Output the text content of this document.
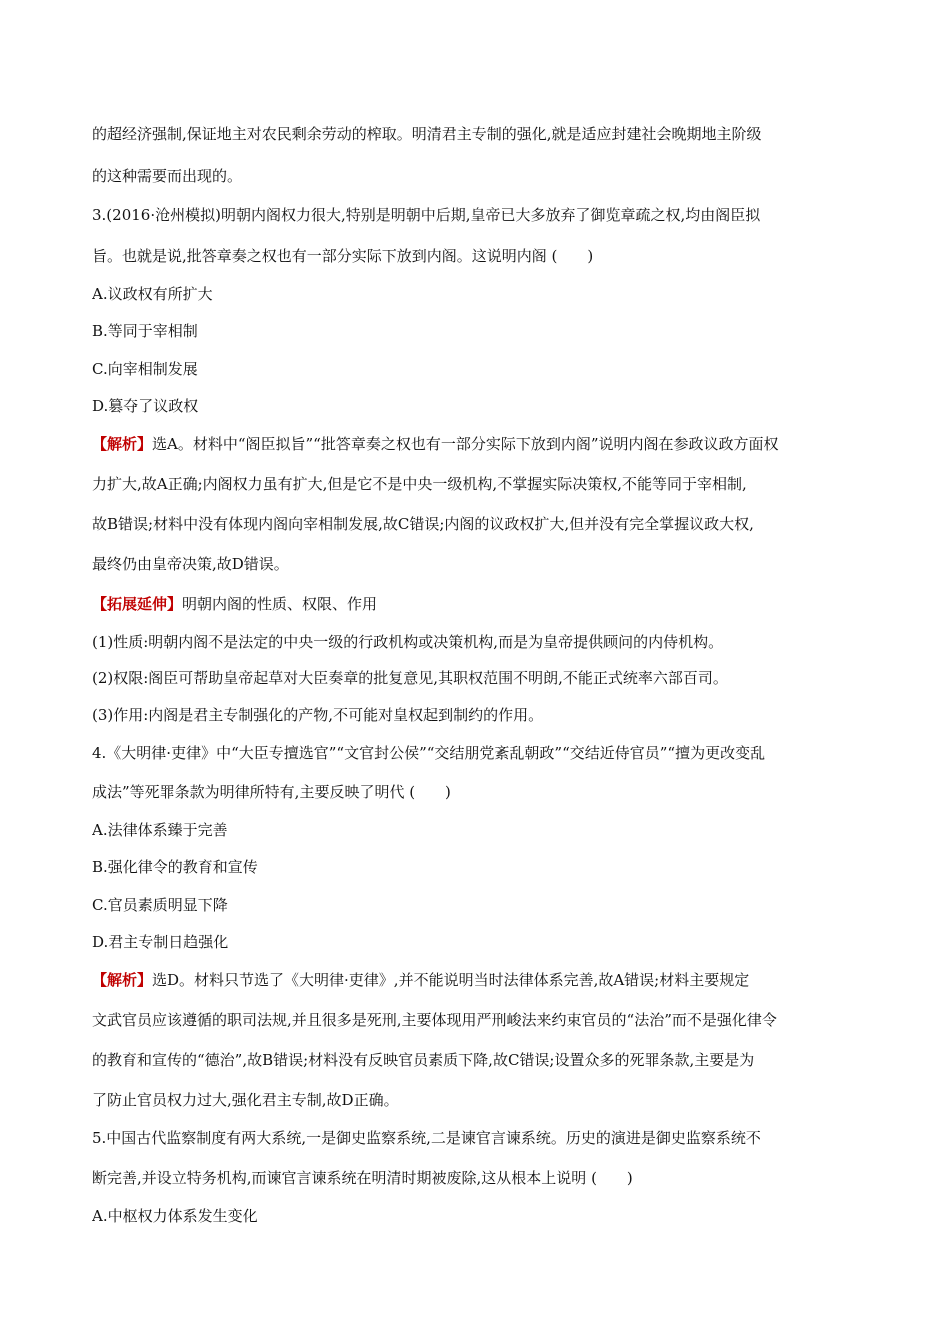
的超经济强制,保证地主对农民剩余劳动的榨取。明清君主专制的强化,就是适应封建社会晚期地主阶级
的这种需要而出现的。
3.(2016·沧州模拟)明朝内阁权力很大,特别是明朝中后期,皇帝已大多放弃了御览章疏之权,均由阁臣拟
旨。也就是说,批答章奏之权也有一部分实际下放到内阁。这说明内阁 (　　)
A.议政权有所扩大
B.等同于宰相制
C.向宰相制发展
D.篡夺了议政权
【解析】选A。材料中“阁臣拟旨”“批答章奏之权也有一部分实际下放到内阁”说明内阁在参政议政方面权
力扩大,故A正确;内阁权力虽有扩大,但是它不是中央一级机构,不掌握实际决策权,不能等同于宰相制,
故B错误;材料中没有体现内阁向宰相制发展,故C错误;内阁的议政权扩大,但并没有完全掌握议政大权,
最终仍由皇帝决策,故D错误。
【拓展延伸】明朝内阁的性质、权限、作用
(1)性质:明朝内阁不是法定的中央一级的行政机构或决策机构,而是为皇帝提供顾问的内侍机构。
(2)权限:阁臣可帮助皇帝起草对大臣奏章的批复意见,其职权范围不明朗,不能正式统率六部百司。
(3)作用:内阁是君主专制强化的产物,不可能对皇权起到制约的作用。
4.《大明律·吏律》中“大臣专擅选官”“文官封公侯”“交结朋党紊乱朝政”“交结近侍官员”“擅为更改变乱
成法”等死罪条款为明律所特有,主要反映了明代 (　　)
A.法律体系臻于完善
B.强化律令的教育和宣传
C.官员素质明显下降
D.君主专制日趋强化
【解析】选D。材料只节选了《大明律·吏律》,并不能说明当时法律体系完善,故A错误;材料主要规定
文武官员应该遵循的职司法规,并且很多是死刑,主要体现用严刑峻法来约束官员的“法治”而不是强化律令
的教育和宣传的“德治”,故B错误;材料没有反映官员素质下降,故C错误;设置众多的死罪条款,主要是为
了防止官员权力过大,强化君主专制,故D正确。
5.中国古代监察制度有两大系统,一是御史监察系统,二是谏官言谏系统。历史的演进是御史监察系统不
断完善,并设立特务机构,而谏官言谏系统在明清时期被废除,这从根本上说明 (　　)
A.中枢权力体系发生变化
